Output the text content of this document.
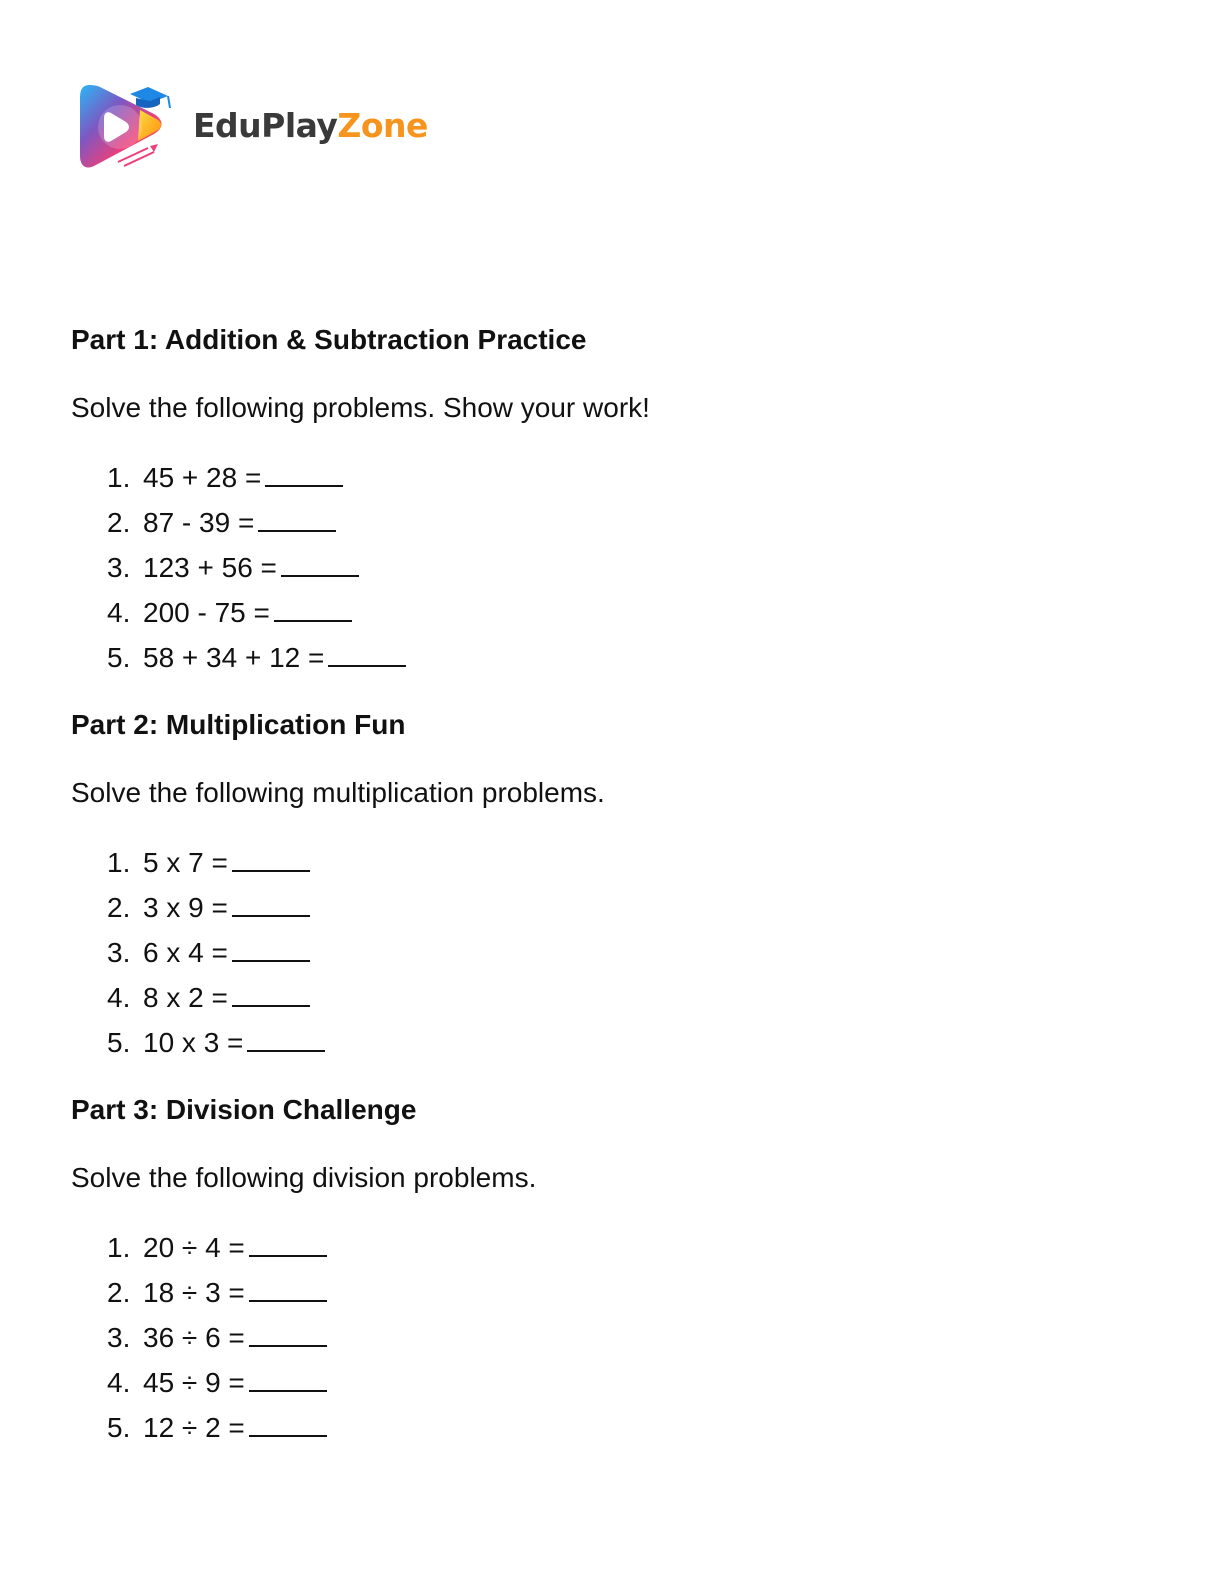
EduPlayZone
Part 1: Addition & Subtraction Practice

Solve the following problems. Show your work!

1. 45 + 28 =
2. 87 - 39 =
3. 123 + 56 =
4. 200 - 75 =
5. 58 + 34 + 12 =
Part 2: Multiplication Fun

Solve the following multiplication problems.

1. 5 x 7 =
2. 3 x 9 =
3. 6 x 4 =
4. 8 x 2 =
5. 10 x 3 =
Part 3: Division Challenge

Solve the following division problems.

1. 20 ÷ 4 =
2. 18 ÷ 3 =
3. 36 ÷ 6 =
4. 45 ÷ 9 =
5. 12 ÷ 2 =
